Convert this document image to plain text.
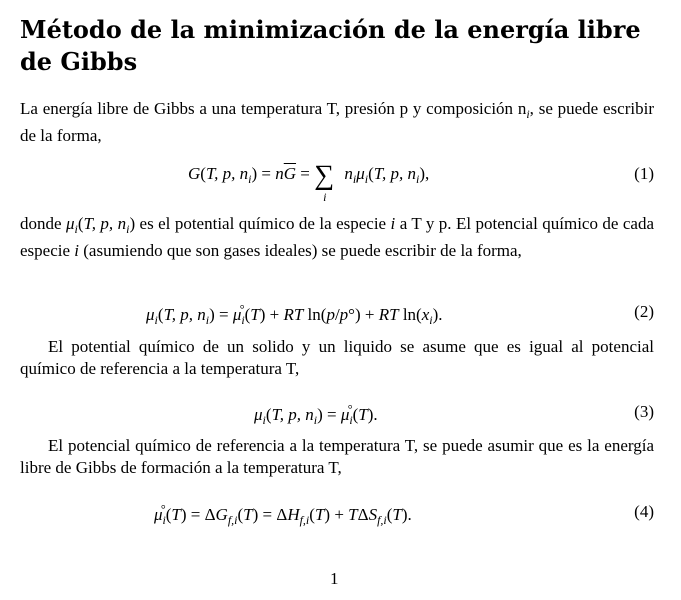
Método de la minimización de la energía libre de Gibbs
La energía libre de Gibbs a una temperatura T, presión p y composición $n_i$, se puede escribir de la forma,
G(T, p, $n_i) = n\overline{G}$ = ∑
i
$n_i\mu_i(T$, p, $n_i$),	(1)
donde $\mu_i(T$, p, $n_i$) es el potential químico de la especie i a T y p. El potencial químico de cada especie i (asumiendo que son gases ideales) se puede escribir de la forma,
$\mu_i(T$, p, $n_i) = \mu_i^\circ(T)$ + RT ln(p/p°) + RT $\ln(x_i)$.	(2)
El potential químico de un solido y un liquido se asume que es igual al potencial químico de referencia a la temperatura T,
$\mu_i(T$, p, $n_i) = \mu_i^\circ(T)$.	(3)
El potencial químico de referencia a la temperatura T, se puede asumir que es la energía libre de Gibbs de formación a la temperatura T,
$\mu_i^\circ(T) = \Delta G_{f,i}(T) = \Delta H_{f,i}(T) + T\Delta S_{f,i}(T)$.	(4)
1
